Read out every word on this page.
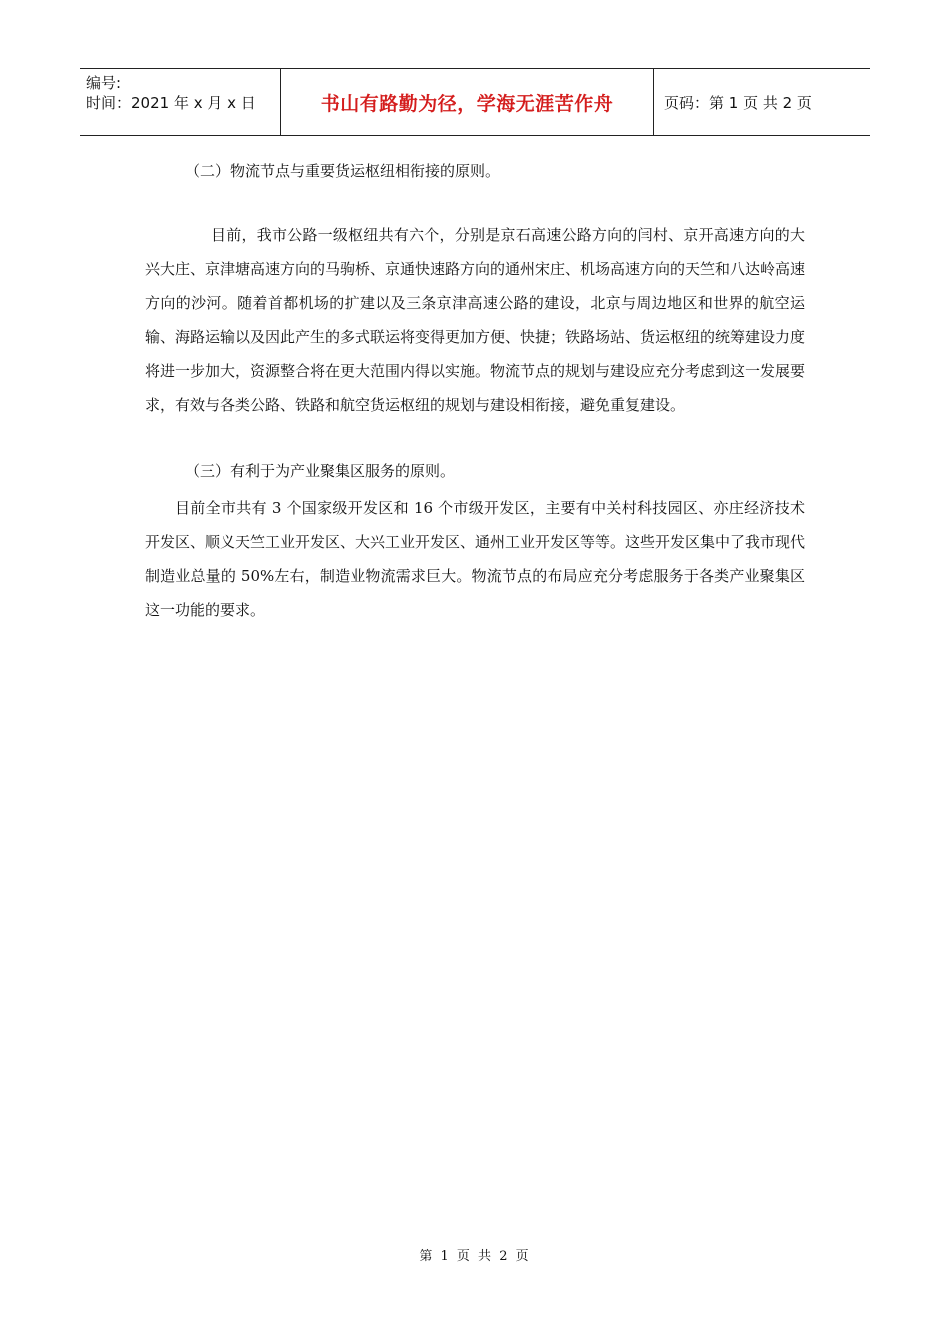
编号:
时间：2021 年 x 月 x 日	书山有路勤为径，学海无涯苦作舟	页码：第 1 页 共 2 页

（二）物流节点与重要货运枢纽相衔接的原则。

目前，我市公路一级枢纽共有六个，分别是京石高速公路方向的闫村、京开高速方向的大兴大庄、京津塘高速方向的马驹桥、京通快速路方向的通州宋庄、机场高速方向的天竺和八达岭高速方向的沙河。随着首都机场的扩建以及三条京津高速公路的建设，北京与周边地区和世界的航空运输、海路运输以及因此产生的多式联运将变得更加方便、快捷；铁路场站、货运枢纽的统筹建设力度将进一步加大，资源整合将在更大范围内得以实施。物流节点的规划与建设应充分考虑到这一发展要求，有效与各类公路、铁路和航空货运枢纽的规划与建设相衔接，避免重复建设。

（三）有利于为产业聚集区服务的原则。

目前全市共有 3 个国家级开发区和 16 个市级开发区，主要有中关村科技园区、亦庄经济技术开发区、顺义天竺工业开发区、大兴工业开发区、通州工业开发区等等。这些开发区集中了我市现代制造业总量的 50%左右，制造业物流需求巨大。物流节点的布局应充分考虑服务于各类产业聚集区这一功能的要求。

第 1 页 共 2 页
